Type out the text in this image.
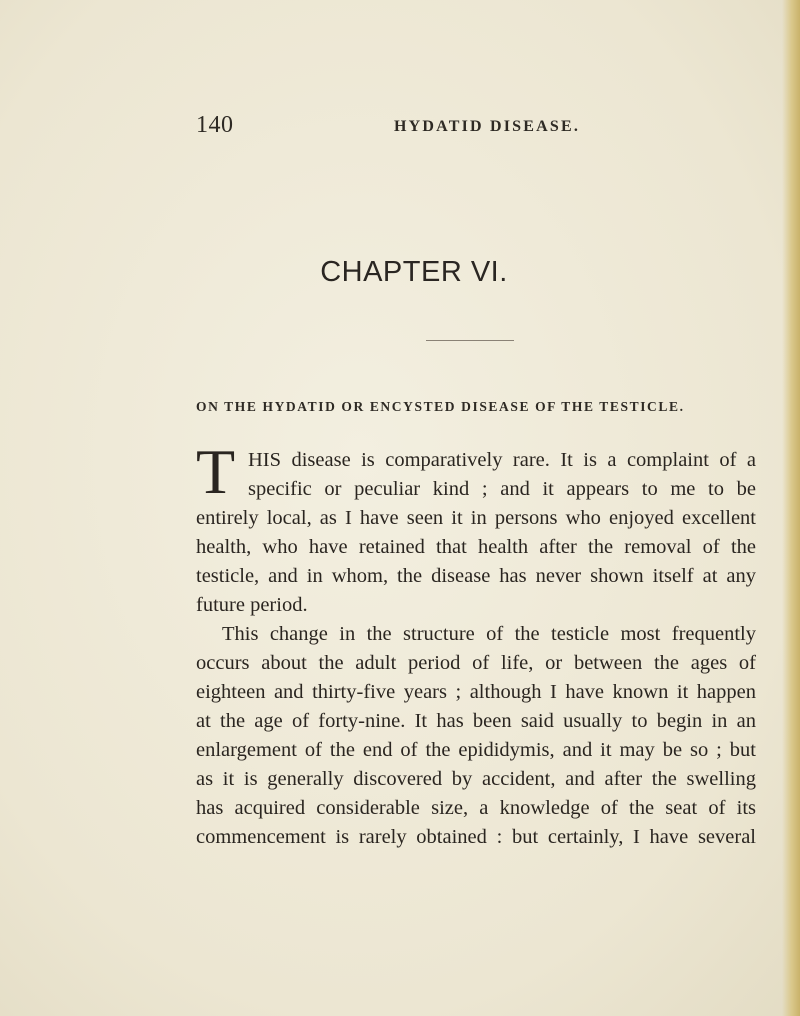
140	HYDATID DISEASE.
CHAPTER VI.
ON THE HYDATID OR ENCYSTED DISEASE OF THE TESTICLE.
T HIS disease is comparatively rare. It is a complaint of a
specific or peculiar kind ; and it appears to me to be
entirely local, as I have seen it in persons who enjoyed excellent
health, who have retained that health after the removal of the
testicle, and in whom, the disease has never shown itself at any
future period.
This change in the structure of the testicle most frequently
occurs about the adult period of life, or between the ages of
eighteen and thirty-five years ; although I have known it happen
at the age of forty-nine. It has been said usually to begin in an
enlargement of the end of the epididymis, and it may be so ; but
as it is generally discovered by accident, and after the swelling
has acquired considerable size, a knowledge of the seat of its
commencement is rarely obtained : but certainly, I have several
